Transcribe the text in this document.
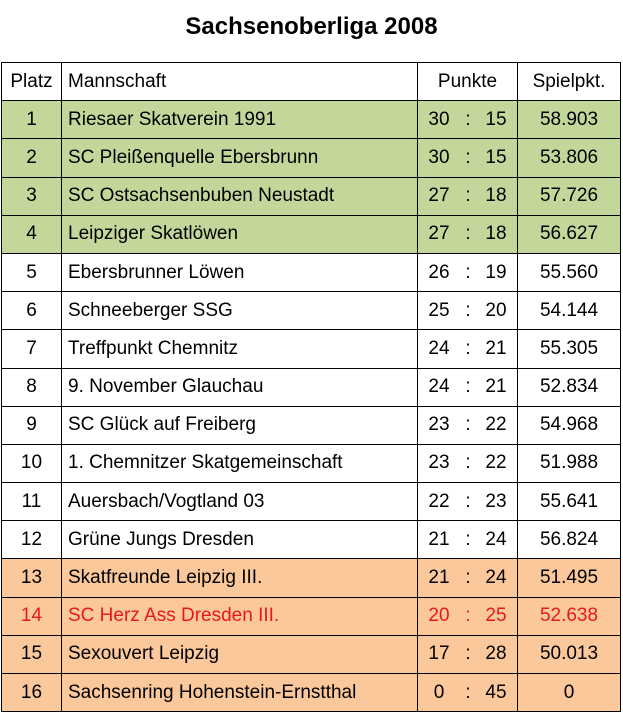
Sachsenoberliga 2008
Platz	Mannschaft	Punkte	Spielpkt.
1	Riesaer Skatverein 1991	30 : 15	58.903
2	SC Pleißenquelle Ebersbrunn	30 : 15	53.806
3	SC Ostsachsenbuben Neustadt	27 : 18	57.726
4	Leipziger Skatlöwen	27 : 18	56.627
5	Ebersbrunner Löwen	26 : 19	55.560
6	Schneeberger SSG	25 : 20	54.144
7	Treffpunkt Chemnitz	24 : 21	55.305
8	9. November Glauchau	24 : 21	52.834
9	SC Glück auf Freiberg	23 : 22	54.968
10	1. Chemnitzer Skatgemeinschaft	23 : 22	51.988
11	Auersbach/Vogtland 03	22 : 23	55.641
12	Grüne Jungs Dresden	21 : 24	56.824
13	Skatfreunde Leipzig III.	21 : 24	51.495
14	SC Herz Ass Dresden III.	20 : 25	52.638
15	Sexouvert Leipzig	17 : 28	50.013
16	Sachsenring Hohenstein-Ernstthal	0 : 45	0
